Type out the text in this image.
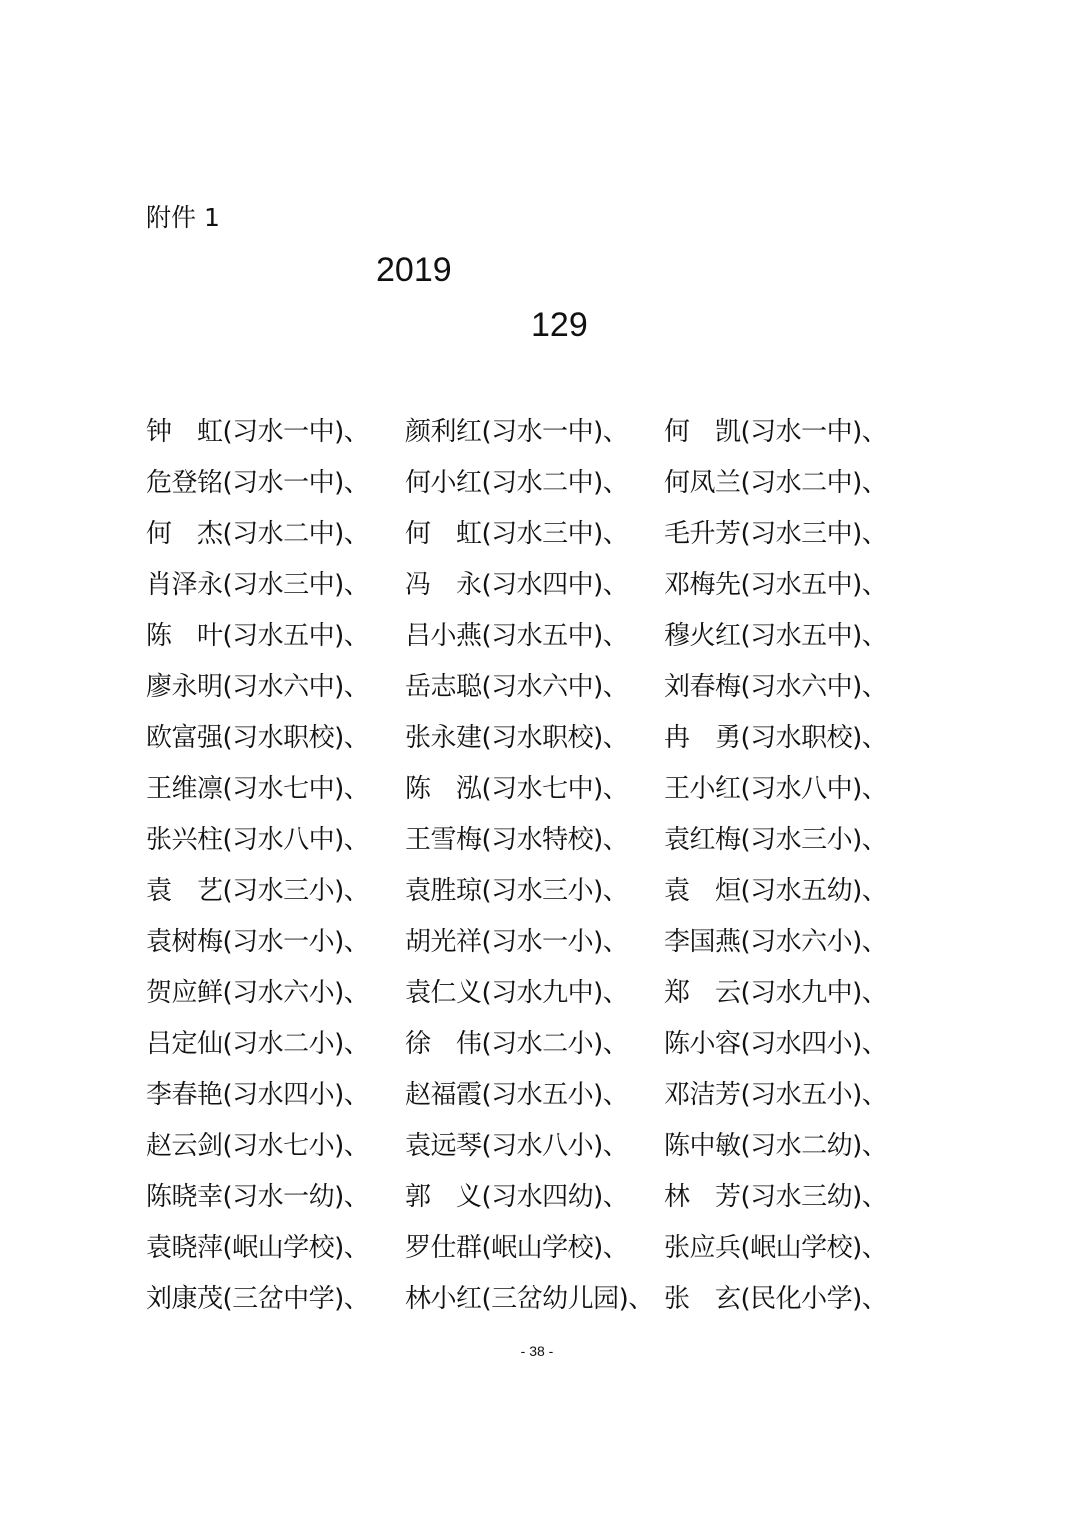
附件 1
2019
129
钟　虹(习水一中)、 颜利红(习水一中)、 何　凯(习水一中)、
危登铭(习水一中)、 何小红(习水二中)、 何凤兰(习水二中)、
何　杰(习水二中)、 何　虹(习水三中)、 毛升芳(习水三中)、
肖泽永(习水三中)、 冯　永(习水四中)、 邓梅先(习水五中)、
陈　叶(习水五中)、 吕小燕(习水五中)、 穆火红(习水五中)、
廖永明(习水六中)、 岳志聪(习水六中)、 刘春梅(习水六中)、
欧富强(习水职校)、 张永建(习水职校)、 冉　勇(习水职校)、
王维凛(习水七中)、 陈　泓(习水七中)、 王小红(习水八中)、
张兴柱(习水八中)、 王雪梅(习水特校)、 袁红梅(习水三小)、
袁　艺(习水三小)、 袁胜琼(习水三小)、 袁　烜(习水五幼)、
袁树梅(习水一小)、 胡光祥(习水一小)、 李国燕(习水六小)、
贺应鲜(习水六小)、 袁仁义(习水九中)、 郑　云(习水九中)、
吕定仙(习水二小)、 徐　伟(习水二小)、 陈小容(习水四小)、
李春艳(习水四小)、 赵福霞(习水五小)、 邓洁芳(习水五小)、
赵云剑(习水七小)、 袁远琴(习水八小)、 陈中敏(习水二幼)、
陈晓幸(习水一幼)、 郭　义(习水四幼)、 林　芳(习水三幼)、
袁晓萍(岷山学校)、 罗仕群(岷山学校)、 张应兵(岷山学校)、
刘康茂(三岔中学)、 林小红(三岔幼儿园)、 张　玄(民化小学)、
- 38 -
